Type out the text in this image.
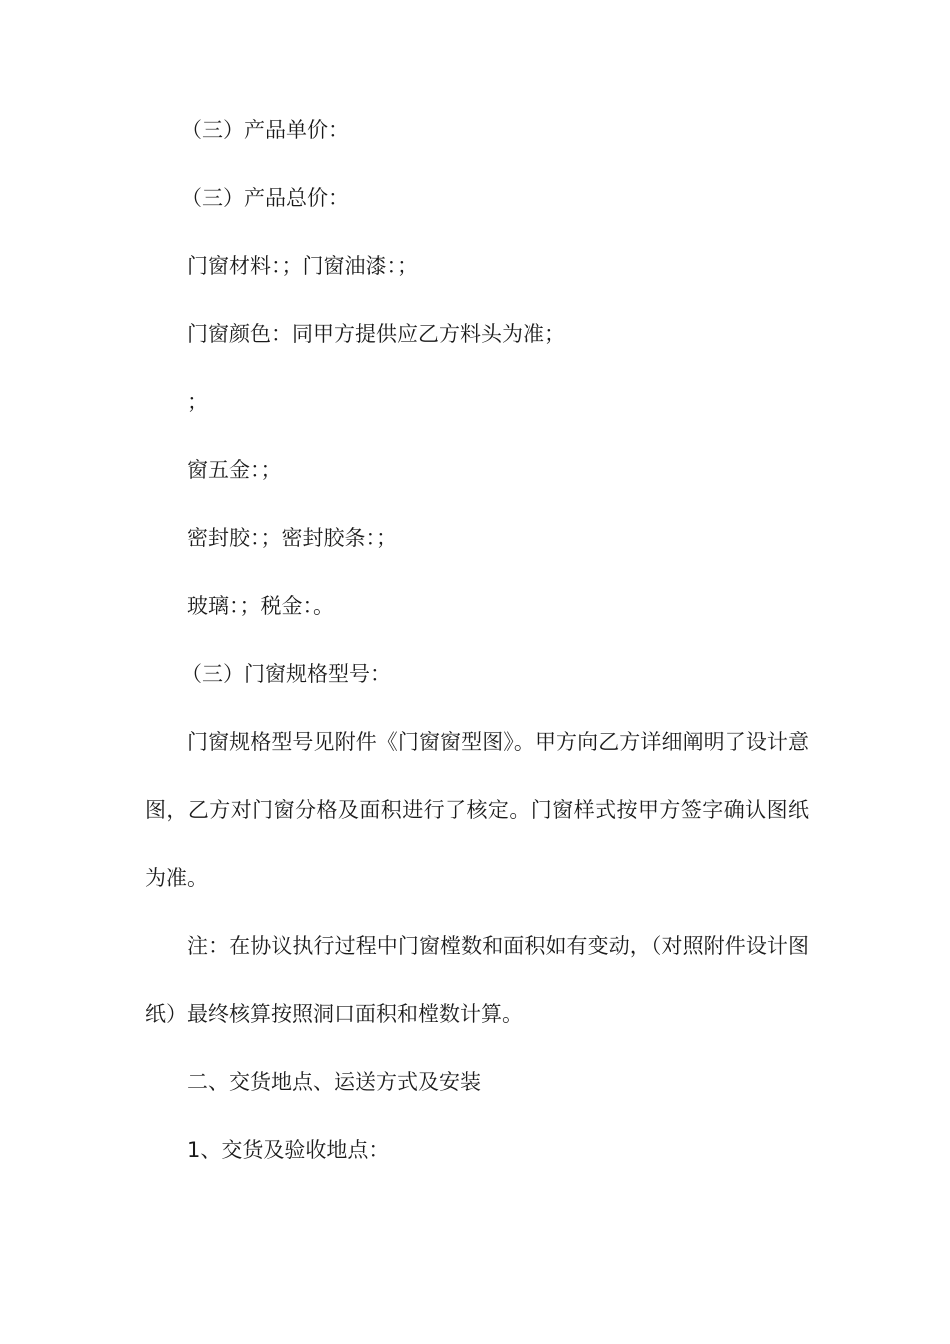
（三）产品单价：

（三）产品总价：

门窗材料：；门窗油漆：；

门窗颜色：同甲方提供应乙方料头为准；

；

窗五金：；

密封胶：；密封胶条：；

玻璃：；税金：。

（三）门窗规格型号：

门窗规格型号见附件《门窗窗型图》。甲方向乙方详细阐明了设计意图，乙方对门窗分格及面积进行了核定。门窗样式按甲方签字确认图纸为准。

注：在协议执行过程中门窗樘数和面积如有变动，（对照附件设计图纸）最终核算按照洞口面积和樘数计算。

二、交货地点、运送方式及安装

1、交货及验收地点：
